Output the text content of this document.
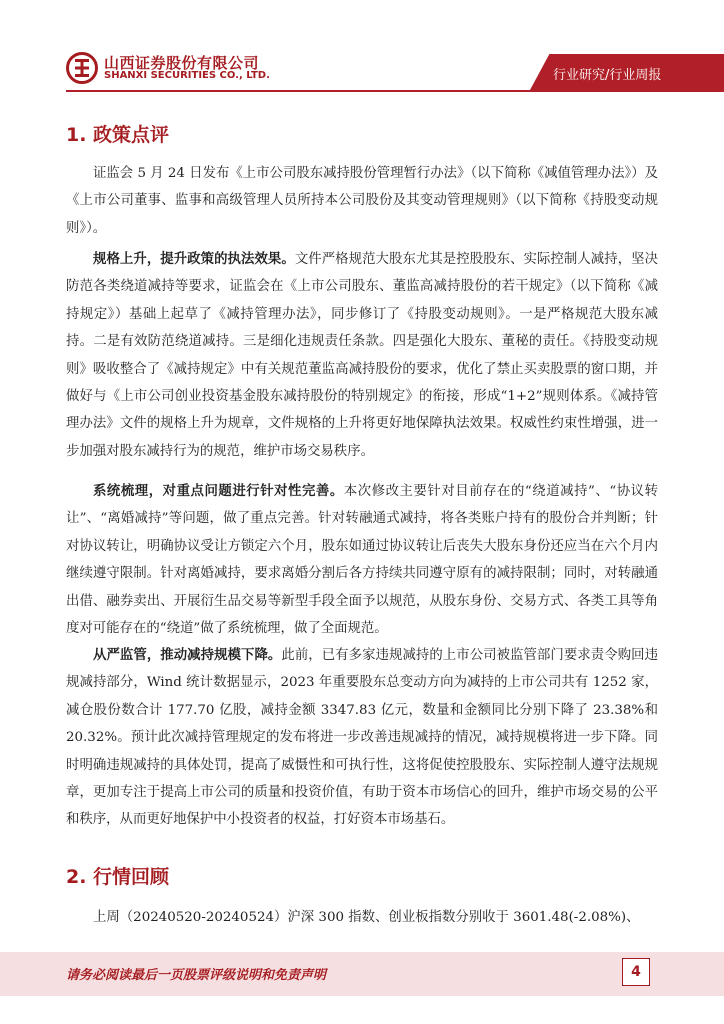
山西证券股份有限公司
SHANXI SECURITIES CO., LTD.	行业研究/行业周报
1. 政策点评
证监会 5 月 24 日发布《上市公司股东减持股份管理暂行办法》（以下简称《减值管理办法》）及《上市公司董事、监事和高级管理人员所持本公司股份及其变动管理规则》（以下简称《持股变动规则》）。
规格上升，提升政策的执法效果。文件严格规范大股东尤其是控股股东、实际控制人减持，坚决防范各类绕道减持等要求，证监会在《上市公司股东、董监高减持股份的若干规定》（以下简称《减持规定》）基础上起草了《减持管理办法》，同步修订了《持股变动规则》。一是严格规范大股东减持。二是有效防范绕道减持。三是细化违规责任条款。四是强化大股东、董秘的责任。《持股变动规则》吸收整合了《减持规定》中有关规范董监高减持股份的要求，优化了禁止买卖股票的窗口期，并做好与《上市公司创业投资基金股东减持股份的特别规定》的衔接，形成“1+2”规则体系。《减持管理办法》文件的规格上升为规章，文件规格的上升将更好地保障执法效果。权威性约束性增强，进一步加强对股东减持行为的规范，维护市场交易秩序。
系统梳理，对重点问题进行针对性完善。本次修改主要针对目前存在的“绕道减持”、“协议转让”、“离婚减持”等问题，做了重点完善。针对转融通式减持，将各类账户持有的股份合并判断；针对协议转让，明确协议受让方锁定六个月，股东如通过协议转让后丧失大股东身份还应当在六个月内继续遵守限制。针对离婚减持，要求离婚分割后各方持续共同遵守原有的减持限制；同时，对转融通出借、融券卖出、开展衍生品交易等新型手段全面予以规范，从股东身份、交易方式、各类工具等角度对可能存在的“绕道”做了系统梳理，做了全面规范。
从严监管，推动减持规模下降。此前，已有多家违规减持的上市公司被监管部门要求责令购回违规减持部分，Wind 统计数据显示，2023 年重要股东总变动方向为减持的上市公司共有 1252 家，减仓股份数合计 177.70 亿股，减持金额 3347.83 亿元，数量和金额同比分别下降了 23.38%和 20.32%。预计此次减持管理规定的发布将进一步改善违规减持的情况，减持规模将进一步下降。同时明确违规减持的具体处罚，提高了威慑性和可执行性，这将促使控股股东、实际控制人遵守法规规章，更加专注于提高上市公司的质量和投资价值，有助于资本市场信心的回升，维护市场交易的公平和秩序，从而更好地保护中小投资者的权益，打好资本市场基石。
2. 行情回顾
上周（20240520-20240524）沪深 300 指数、创业板指数分别收于 3601.48(-2.08%)、
请务必阅读最后一页股票评级说明和免责声明	4
